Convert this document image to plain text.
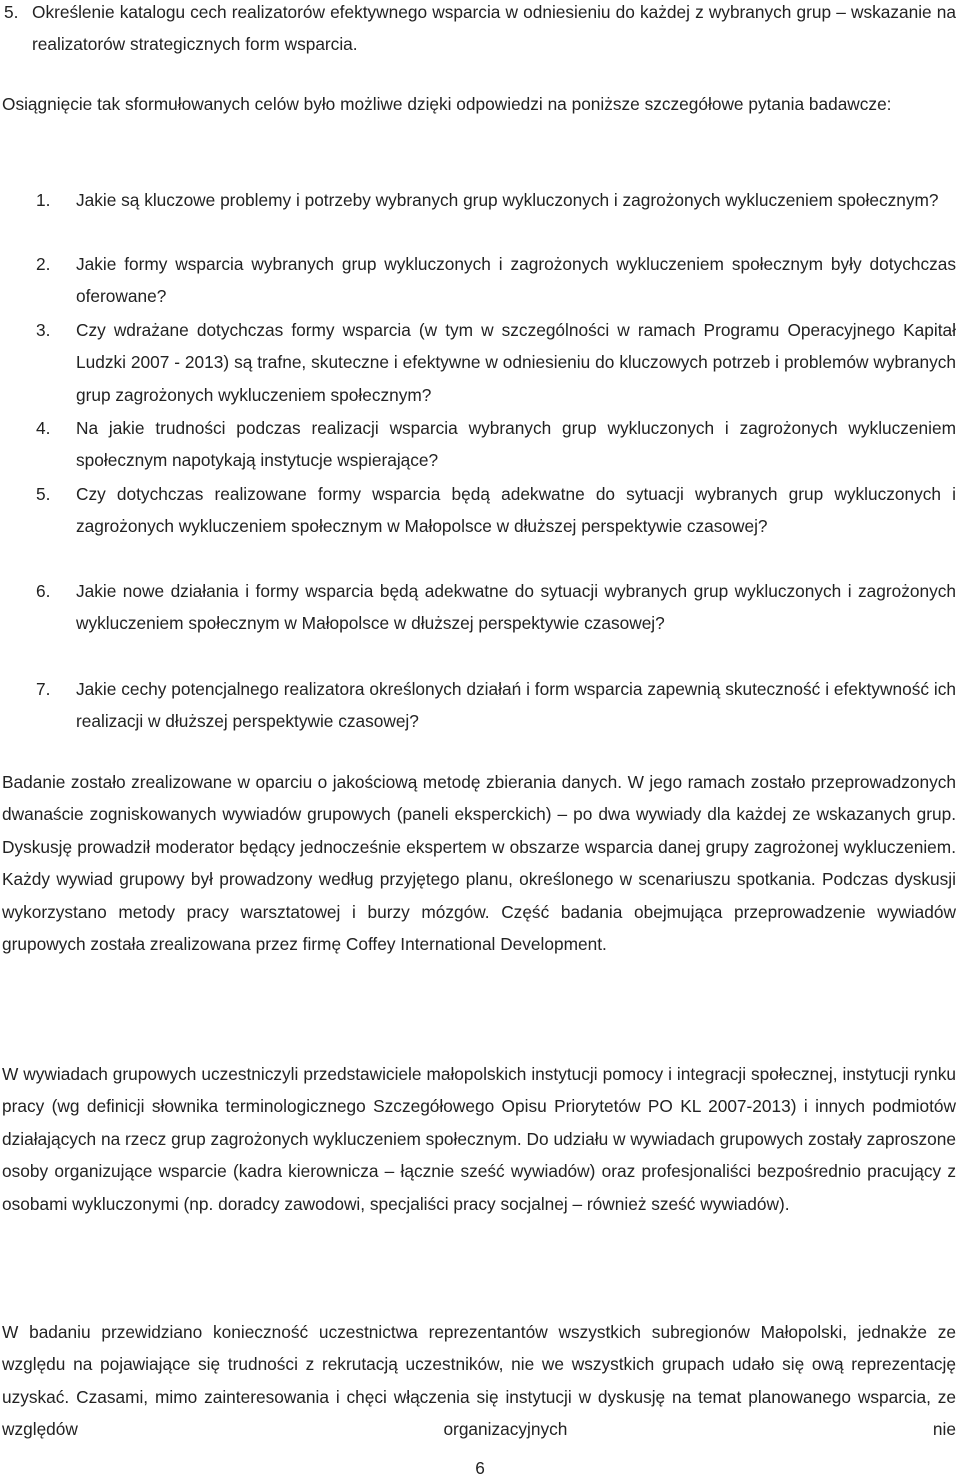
5. Określenie katalogu cech realizatorów efektywnego wsparcia w odniesieniu do każdej z wybranych grup – wskazanie na realizatorów strategicznych form wsparcia.
Osiągnięcie tak sformułowanych celów było możliwe dzięki odpowiedzi na poniższe szczegółowe pytania badawcze:
1.	Jakie są kluczowe problemy i potrzeby wybranych grup wykluczonych i zagrożonych wykluczeniem społecznym?
2.	Jakie formy wsparcia wybranych grup wykluczonych i zagrożonych wykluczeniem społecznym były dotychczas oferowane?
3.	Czy wdrażane dotychczas formy wsparcia (w tym w szczególności w ramach Programu Operacyjnego Kapitał Ludzki 2007 - 2013) są trafne, skuteczne i efektywne w odniesieniu do kluczowych potrzeb i problemów wybranych grup zagrożonych wykluczeniem społecznym?
4.	Na jakie trudności podczas realizacji wsparcia wybranych grup wykluczonych i zagrożonych wykluczeniem społecznym napotykają instytucje wspierające?
5.	Czy dotychczas realizowane formy wsparcia będą adekwatne do sytuacji wybranych grup wykluczonych i zagrożonych wykluczeniem społecznym w Małopolsce w dłuższej perspektywie czasowej?
6.	Jakie nowe działania i formy wsparcia będą adekwatne do sytuacji wybranych grup wykluczonych i zagrożonych wykluczeniem społecznym w Małopolsce w dłuższej perspektywie czasowej?
7.	Jakie cechy potencjalnego realizatora określonych działań i form wsparcia zapewnią skuteczność i efektywność ich realizacji w dłuższej perspektywie czasowej?
Badanie zostało zrealizowane w oparciu o jakościową metodę zbierania danych. W jego ramach zostało przeprowadzonych dwanaście zogniskowanych wywiadów grupowych (paneli eksperckich) – po dwa wywiady dla każdej ze wskazanych grup. Dyskusję prowadził moderator będący jednocześnie ekspertem w obszarze wsparcia danej grupy zagrożonej wykluczeniem. Każdy wywiad grupowy był prowadzony według przyjętego planu, określonego w scenariuszu spotkania. Podczas dyskusji wykorzystano metody pracy warsztatowej i burzy mózgów. Część badania obejmująca przeprowadzenie wywiadów grupowych została zrealizowana przez firmę Coffey International Development.
W wywiadach grupowych uczestniczyli przedstawiciele małopolskich instytucji pomocy i integracji społecznej, instytucji rynku pracy (wg definicji słownika terminologicznego Szczegółowego Opisu Priorytetów PO KL 2007-2013) i innych podmiotów działających na rzecz grup zagrożonych wykluczeniem społecznym. Do udziału w wywiadach grupowych zostały zaproszone osoby organizujące wsparcie (kadra kierownicza – łącznie sześć wywiadów) oraz profesjonaliści bezpośrednio pracujący z osobami wykluczonymi (np. doradcy zawodowi, specjaliści pracy socjalnej – również sześć wywiadów).
W badaniu przewidziano konieczność uczestnictwa reprezentantów wszystkich subregionów Małopolski, jednakże ze względu na pojawiające się trudności z rekrutacją uczestników, nie we wszystkich grupach udało się ową reprezentację uzyskać. Czasami, mimo zainteresowania i chęci włączenia się instytucji w dyskusję na temat planowanego wsparcia, ze względów organizacyjnych nie
6
